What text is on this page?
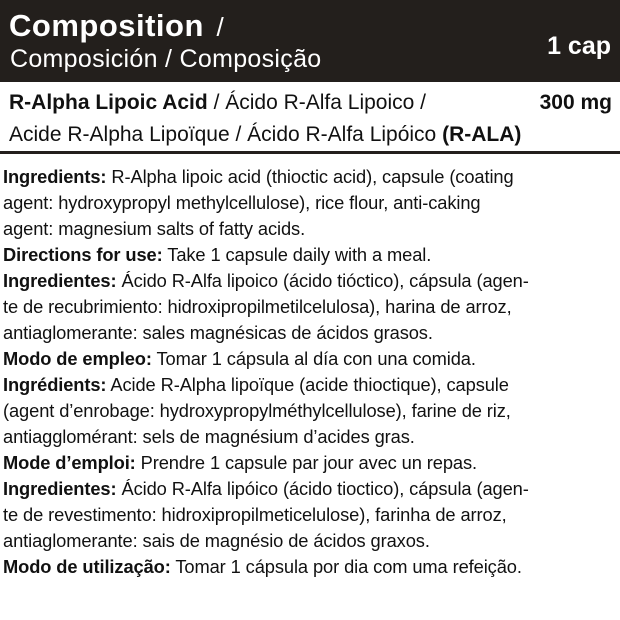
Composition /
Composición / Composição	1 cap
R-Alpha Lipoic Acid / Ácido R-Alfa Lipoico /
Acide R-Alpha Lipoïque / Ácido R-Alfa Lipóico (R-ALA)
300 mg
Ingredients: R-Alpha lipoic acid (thioctic acid), capsule (coating
agent: hydroxypropyl methylcellulose), rice flour, anti-caking
agent: magnesium salts of fatty acids.
Directions for use: Take 1 capsule daily with a meal.
Ingredientes: Ácido R-Alfa lipoico (ácido tióctico), cápsula (agen-
te de recubrimiento: hidroxipropilmetilcelulosa), harina de arroz,
antiaglomerante: sales magnésicas de ácidos grasos.
Modo de empleo: Tomar 1 cápsula al día con una comida.
Ingrédients: Acide R-Alpha lipoïque (acide thioctique), capsule
(agent d’enrobage: hydroxypropylméthylcellulose), farine de riz,
antiagglomérant: sels de magnésium d’acides gras.
Mode d’emploi: Prendre 1 capsule par jour avec un repas.
Ingredientes: Ácido R-Alfa lipóico (ácido tioctico), cápsula (agen-
te de revestimento: hidroxipropilmeticelulose), farinha de arroz,
antiaglomerante: sais de magnésio de ácidos graxos.
Modo de utilização: Tomar 1 cápsula por dia com uma refeição.
